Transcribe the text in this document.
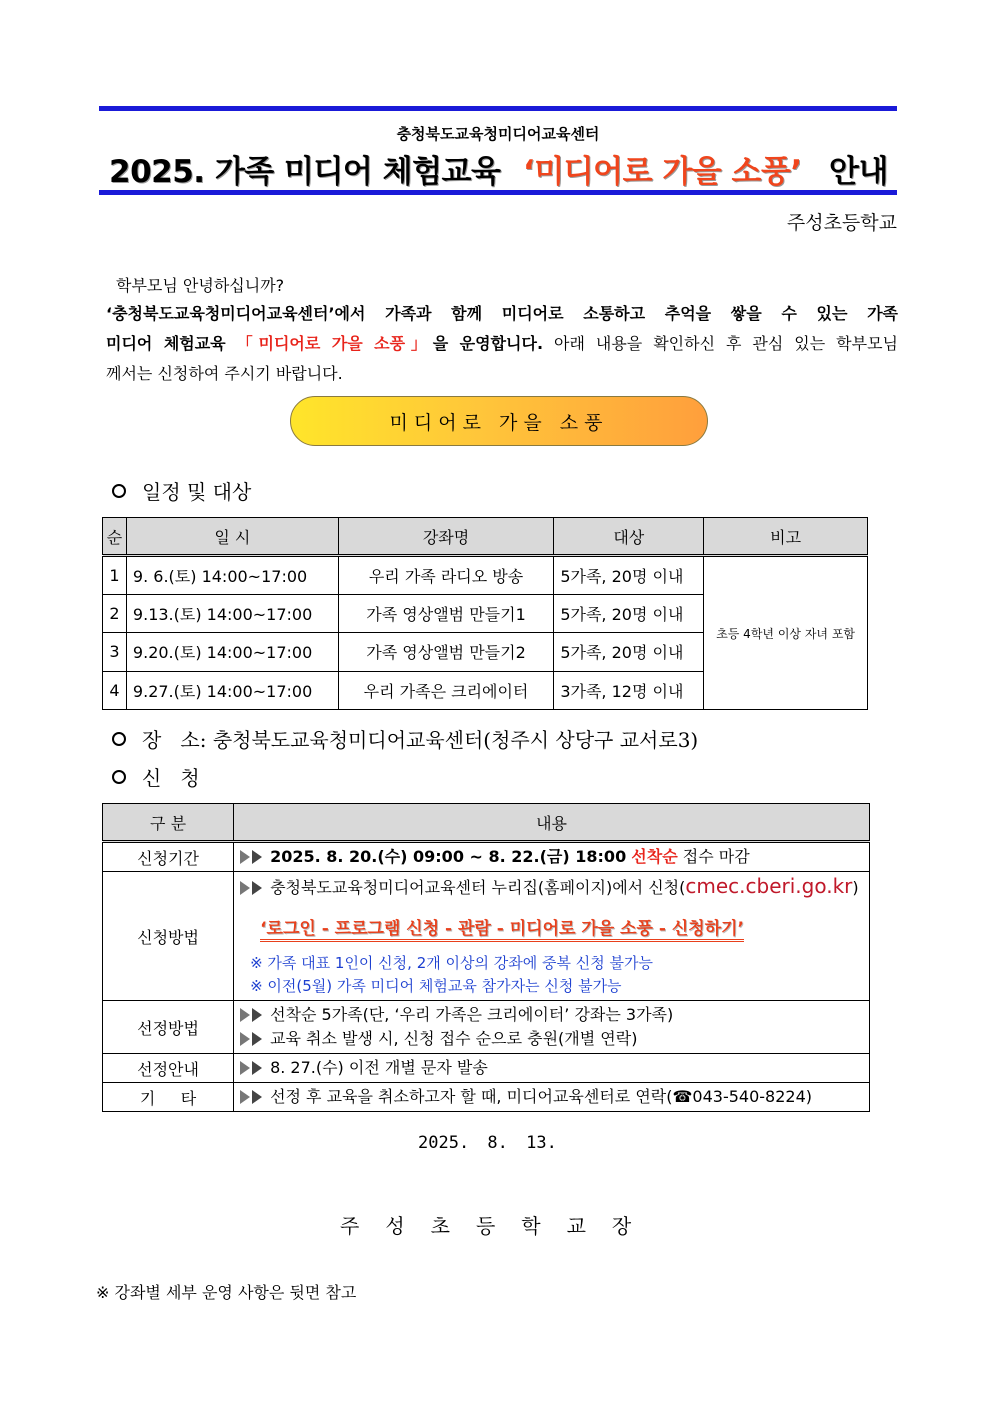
충청북도교육청미디어교육센터
2025. 가족 미디어 체험교육 ‘미디어로 가을 소풍’ 안내
주성초등학교
학부모님 안녕하십니까?
‘충청북도교육청미디어교육센터’에서 가족과 함께 미디어로 소통하고 추억을 쌓을 수 있는 가족
미디어 체험교육 「미디어로 가을 소풍」을 운영합니다. 아래 내용을 확인하신 후 관심 있는 학부모님
께서는 신청하여 주시기 바랍니다.
미디어로 가을 소풍
일정 및 대상
순	일 시	강좌명	대상	비고
1	9. 6.(토) 14:00~17:00	우리 가족 라디오 방송	5가족, 20명 이내	초등 4학년 이상 자녀 포함
2	9.13.(토) 14:00~17:00	가족 영상앨범 만들기1	5가족, 20명 이내	
3	9.20.(토) 14:00~17:00	가족 영상앨범 만들기2	5가족, 20명 이내	
4	9.27.(토) 14:00~17:00	우리 가족은 크리에이터	3가족, 12명 이내	
장   소: 충청북도교육청미디어교육센터(청주시 상당구 교서로3)
신   청
구 분	내용
신청기간	2025. 8. 20.(수) 09:00 ~ 8. 22.(금) 18:00 선착순 접수 마감

신청방법	충청북도교육청미디어교육센터 누리집(홈페이지)에서 신청(cmec.cberi.go.kr)
‘로그인 - 프로그램 신청 - 관람 - 미디어로 가을 소풍 - 신청하기’
※ 가족 대표 1인이 신청, 2개 이상의 강좌에 중복 신청 불가능
※ 이전(5월) 가족 미디어 체험교육 참가자는 신청 불가능

선정방법	선착순 5가족(단, ‘우리 가족은 크리에이터’ 강좌는 3가족)
교육 취소 발생 시, 신청 접수 순으로 충원(개별 연락)

선정안내	8. 27.(수) 이전 개별 문자 발송

기     타	선정 후 교육을 취소하고자 할 때, 미디어교육센터로 연락(☎043-540-8224)
2025. 8. 13.
주성초등학교장
※ 강좌별 세부 운영 사항은 뒷면 참고
